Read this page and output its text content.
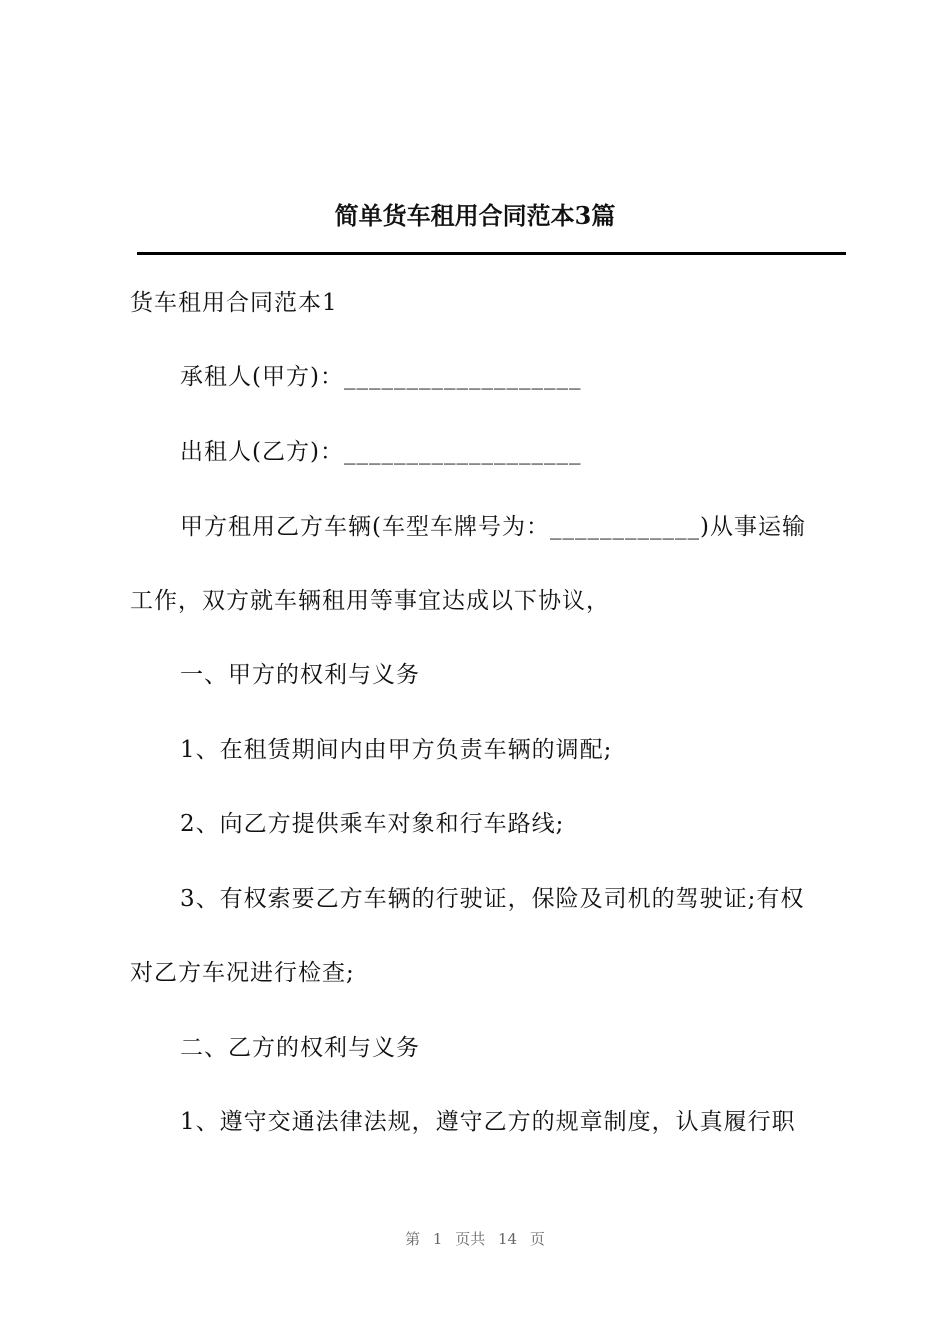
简单货车租用合同范本3篇
货车租用合同范本1
承租人(甲方)：___________________
出租人(乙方)：___________________
甲方租用乙方车辆(车型车牌号为：____________)从事运输
工作，双方就车辆租用等事宜达成以下协议，
一、甲方的权利与义务
1、在租赁期间内由甲方负责车辆的调配;
2、向乙方提供乘车对象和行车路线;
3、有权索要乙方车辆的行驶证，保险及司机的驾驶证;有权
对乙方车况进行检查;
二、乙方的权利与义务
1、遵守交通法律法规，遵守乙方的规章制度，认真履行职
第 1 页共 14 页
